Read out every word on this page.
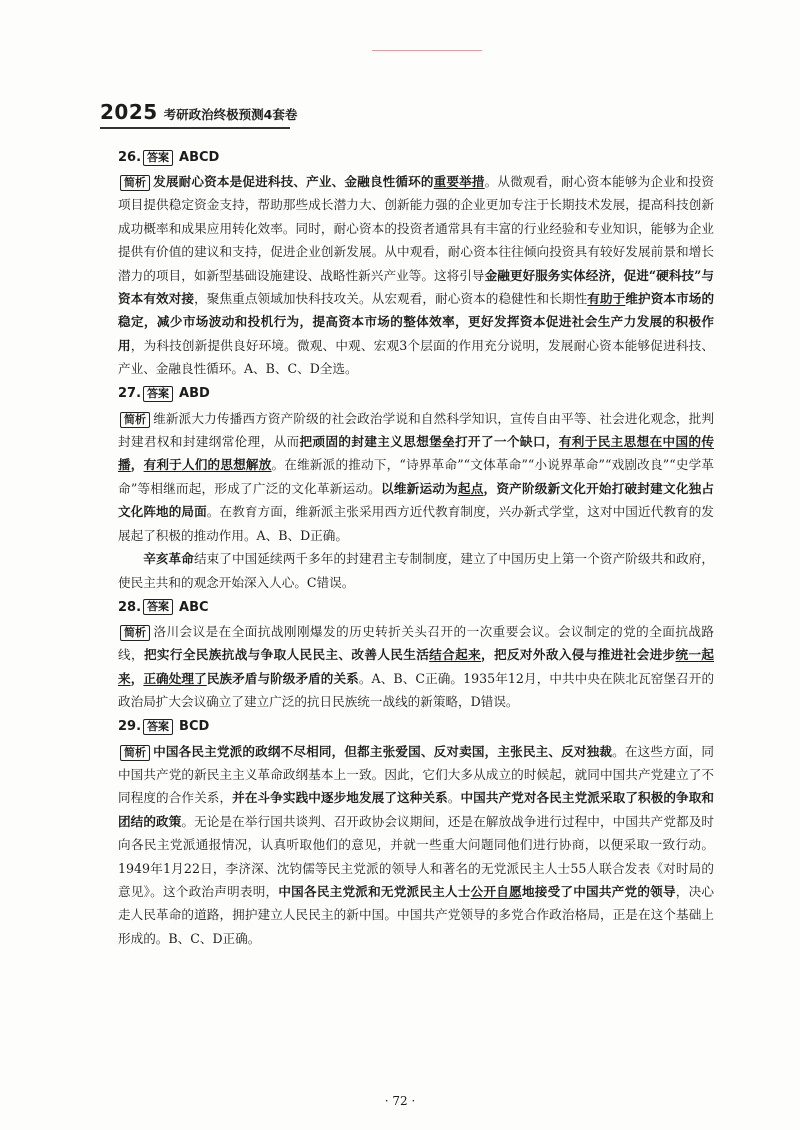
2025 考研政治终极预测4套卷
26. 答案 ABCD

简析 发展耐心资本是促进科技、产业、金融良性循环的重要举措。从微观看，耐心资本能够为企业和投资项目提供稳定资金支持，帮助那些成长潜力大、创新能力强的企业更加专注于长期技术发展，提高科技创新成功概率和成果应用转化效率。同时，耐心资本的投资者通常具有丰富的行业经验和专业知识，能够为企业提供有价值的建议和支持，促进企业创新发展。从中观看，耐心资本往往倾向投资具有较好发展前景和增长潜力的项目，如新型基础设施建设、战略性新兴产业等。这将引导金融更好服务实体经济，促进“硬科技”与资本有效对接，聚焦重点领域加快科技攻关。从宏观看，耐心资本的稳健性和长期性有助于维护资本市场的稳定，减少市场波动和投机行为，提高资本市场的整体效率，更好发挥资本促进社会生产力发展的积极作用，为科技创新提供良好环境。微观、中观、宏观3个层面的作用充分说明，发展耐心资本能够促进科技、产业、金融良性循环。A、B、C、D全选。

27. 答案 ABD

简析 维新派大力传播西方资产阶级的社会政治学说和自然科学知识，宣传自由平等、社会进化观念，批判封建君权和封建纲常伦理，从而把顽固的封建主义思想堡垒打开了一个缺口，有利于民主思想在中国的传播，有利于人们的思想解放。在维新派的推动下，“诗界革命”“文体革命”“小说界革命”“戏剧改良”“史学革命”等相继而起，形成了广泛的文化革新运动。以维新运动为起点，资产阶级新文化开始打破封建文化独占文化阵地的局面。在教育方面，维新派主张采用西方近代教育制度，兴办新式学堂，这对中国近代教育的发展起了积极的推动作用。A、B、D正确。

辛亥革命结束了中国延续两千多年的封建君主专制制度，建立了中国历史上第一个资产阶级共和政府，使民主共和的观念开始深入人心。C错误。

28. 答案 ABC

简析 洛川会议是在全面抗战刚刚爆发的历史转折关头召开的一次重要会议。会议制定的党的全面抗战路线，把实行全民族抗战与争取人民民主、改善人民生活结合起来，把反对外敌入侵与推进社会进步统一起来，正确处理了民族矛盾与阶级矛盾的关系。A、B、C正确。1935年12月，中共中央在陕北瓦窑堡召开的政治局扩大会议确立了建立广泛的抗日民族统一战线的新策略，D错误。

29. 答案 BCD

简析 中国各民主党派的政纲不尽相同，但都主张爱国、反对卖国，主张民主、反对独裁。在这些方面，同中国共产党的新民主主义革命政纲基本上一致。因此，它们大多从成立的时候起，就同中国共产党建立了不同程度的合作关系，并在斗争实践中逐步地发展了这种关系。中国共产党对各民主党派采取了积极的争取和团结的政策。无论是在举行国共谈判、召开政协会议期间，还是在解放战争进行过程中，中国共产党都及时向各民主党派通报情况，认真听取他们的意见，并就一些重大问题同他们进行协商，以便采取一致行动。1949年1月22日，李济深、沈钧儒等民主党派的领导人和著名的无党派民主人士55人联合发表《对时局的意见》。这个政治声明表明，中国各民主党派和无党派民主人士公开自愿地接受了中国共产党的领导，决心走人民革命的道路，拥护建立人民民主的新中国。中国共产党领导的多党合作政治格局，正是在这个基础上形成的。B、C、D正确。

· 72 ·
